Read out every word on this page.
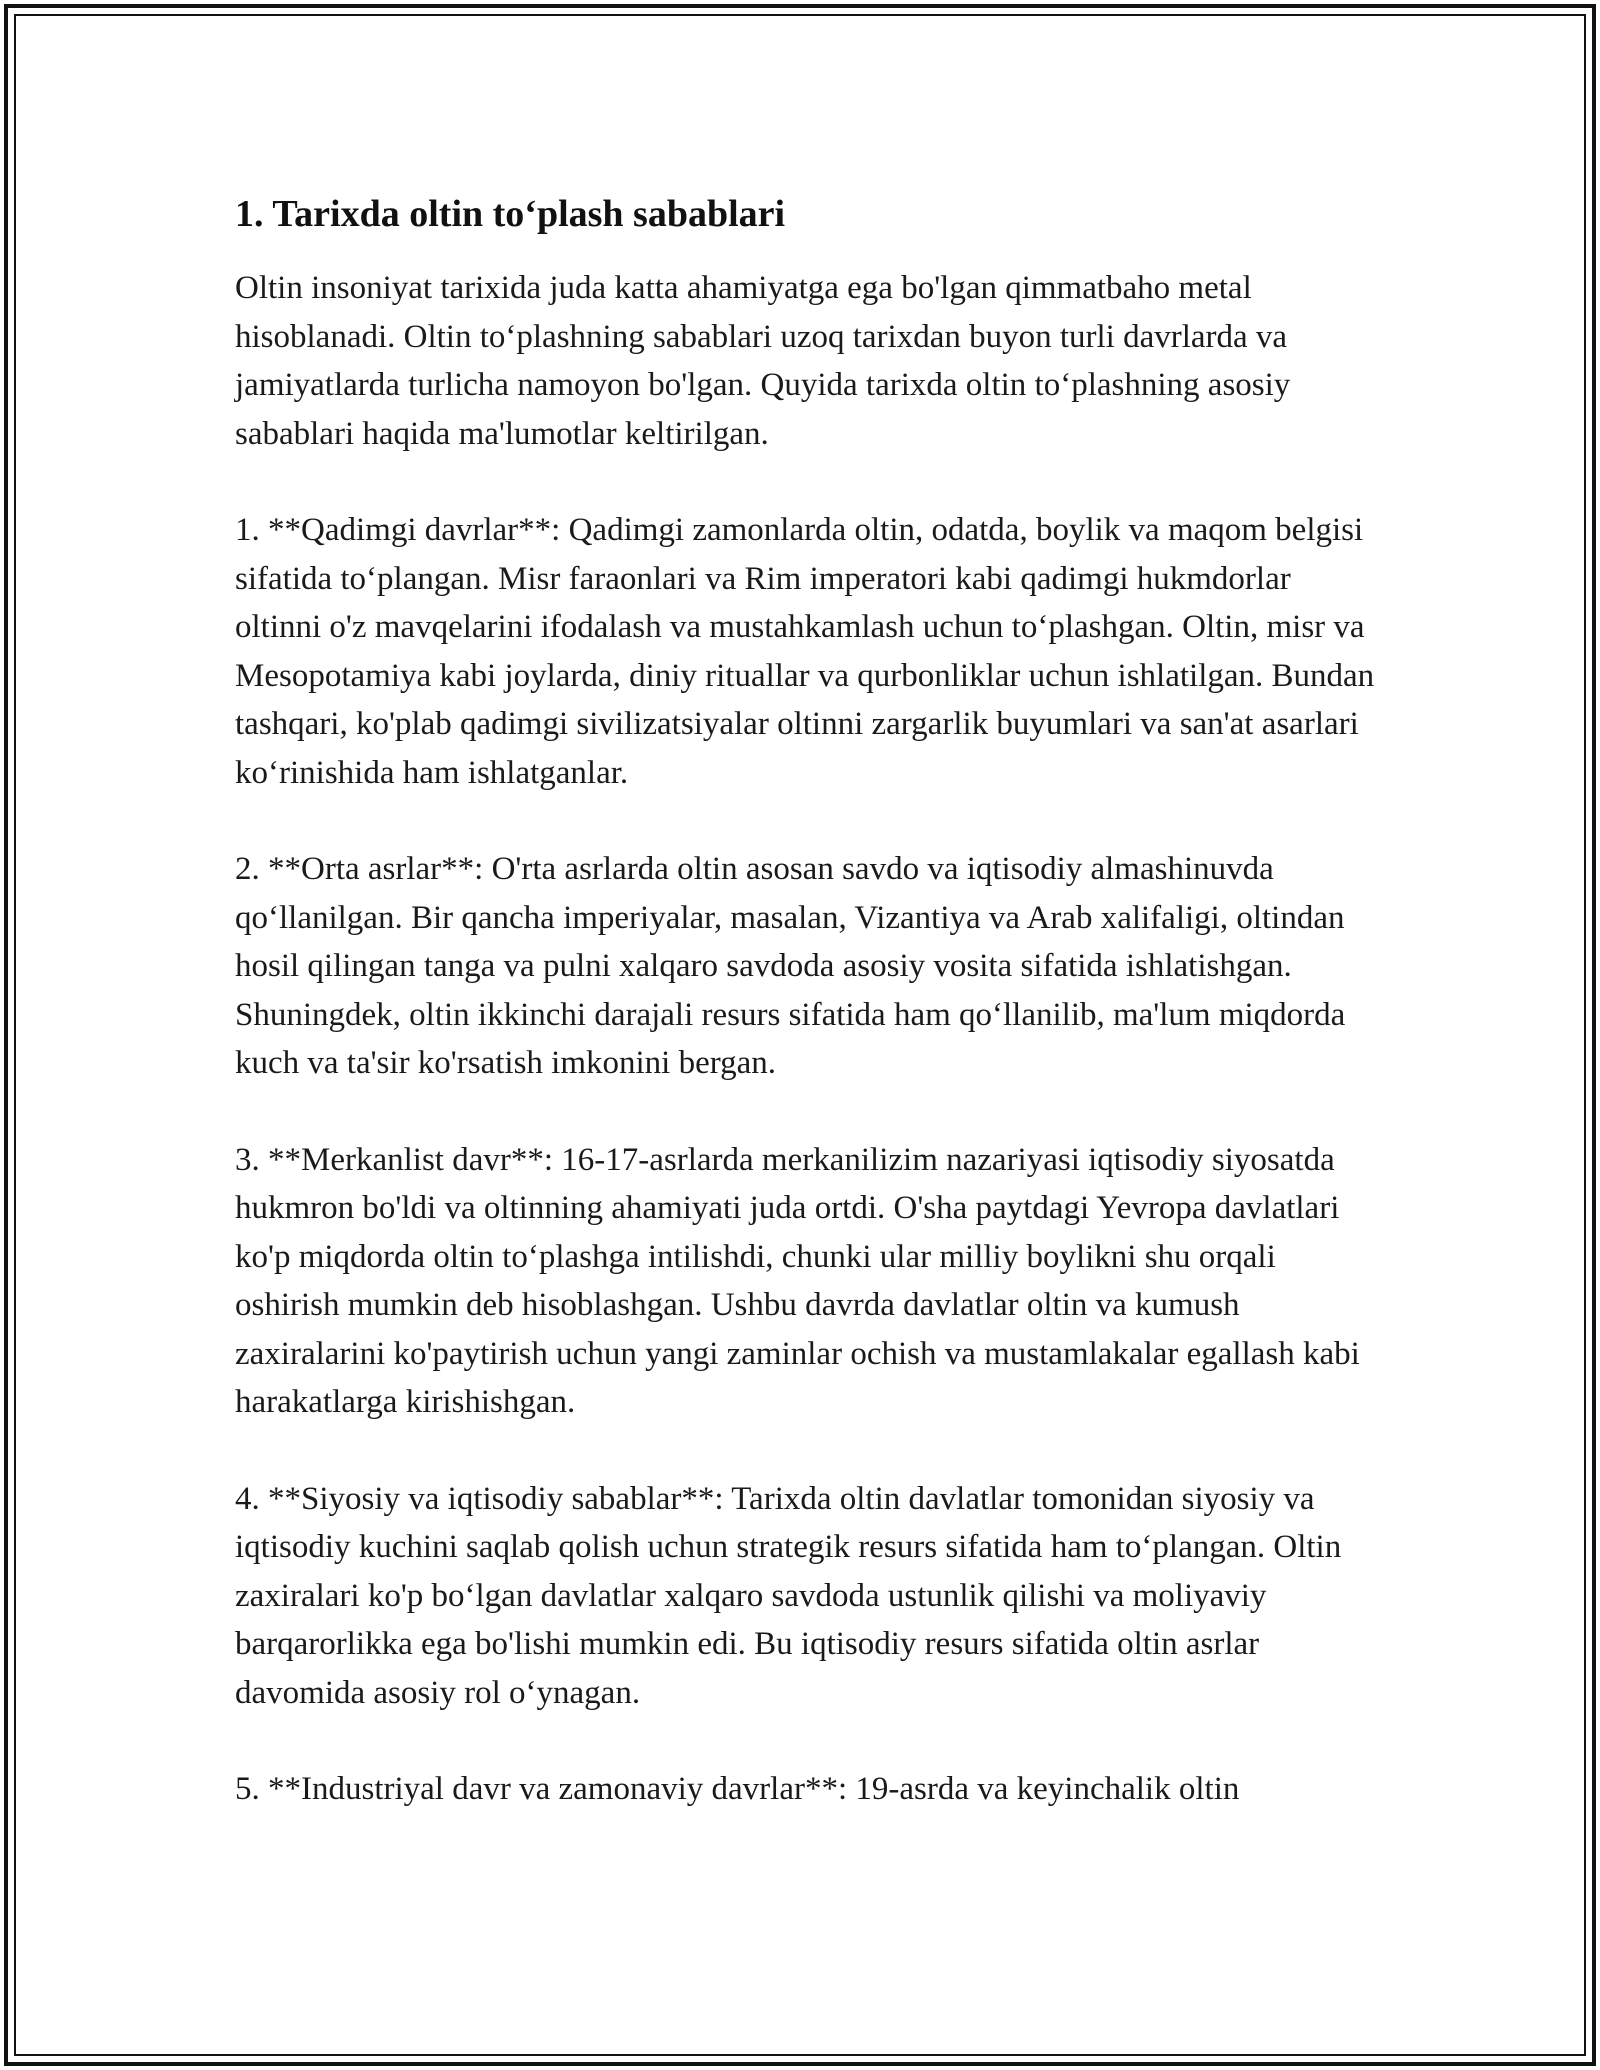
1. Tarixda oltin to‘plash sabablari

Oltin insoniyat tarixida juda katta ahamiyatga ega bo'lgan qimmatbaho metal hisoblanadi. Oltin to‘plashning sabablari uzoq tarixdan buyon turli davrlarda va jamiyatlarda turlicha namoyon bo'lgan. Quyida tarixda oltin to‘plashning asosiy sabablari haqida ma'lumotlar keltirilgan.

1. **Qadimgi davrlar**: Qadimgi zamonlarda oltin, odatda, boylik va maqom belgisi sifatida to‘plangan. Misr faraonlari va Rim imperatori kabi qadimgi hukmdorlar oltinni o'z mavqelarini ifodalash va mustahkamlash uchun to‘plashgan. Oltin, misr va Mesopotamiya kabi joylarda, diniy rituallar va qurbonliklar uchun ishlatilgan. Bundan tashqari, ko'plab qadimgi sivilizatsiyalar oltinni zargarlik buyumlari va san'at asarlari ko‘rinishida ham ishlatganlar.

2. **Orta asrlar**: O'rta asrlarda oltin asosan savdo va iqtisodiy almashinuvda qo‘llanilgan. Bir qancha imperiyalar, masalan, Vizantiya va Arab xalifaligi, oltindan hosil qilingan tanga va pulni xalqaro savdoda asosiy vosita sifatida ishlatishgan. Shuningdek, oltin ikkinchi darajali resurs sifatida ham qo‘llanilib, ma'lum miqdorda kuch va ta'sir ko'rsatish imkonini bergan.

3. **Merkanlist davr**: 16-17-asrlarda merkanilizim nazariyasi iqtisodiy siyosatda hukmron bo'ldi va oltinning ahamiyati juda ortdi. O'sha paytdagi Yevropa davlatlari ko'p miqdorda oltin to‘plashga intilishdi, chunki ular milliy boylikni shu orqali oshirish mumkin deb hisoblashgan. Ushbu davrda davlatlar oltin va kumush zaxiralarini ko'paytirish uchun yangi zaminlar ochish va mustamlakalar egallash kabi harakatlarga kirishishgan.

4. **Siyosiy va iqtisodiy sabablar**: Tarixda oltin davlatlar tomonidan siyosiy va iqtisodiy kuchini saqlab qolish uchun strategik resurs sifatida ham to‘plangan. Oltin zaxiralari ko'p bo‘lgan davlatlar xalqaro savdoda ustunlik qilishi va moliyaviy barqarorlikka ega bo'lishi mumkin edi. Bu iqtisodiy resurs sifatida oltin asrlar davomida asosiy rol o‘ynagan.

5. **Industriyal davr va zamonaviy davrlar**: 19-asrda va keyinchalik oltin
